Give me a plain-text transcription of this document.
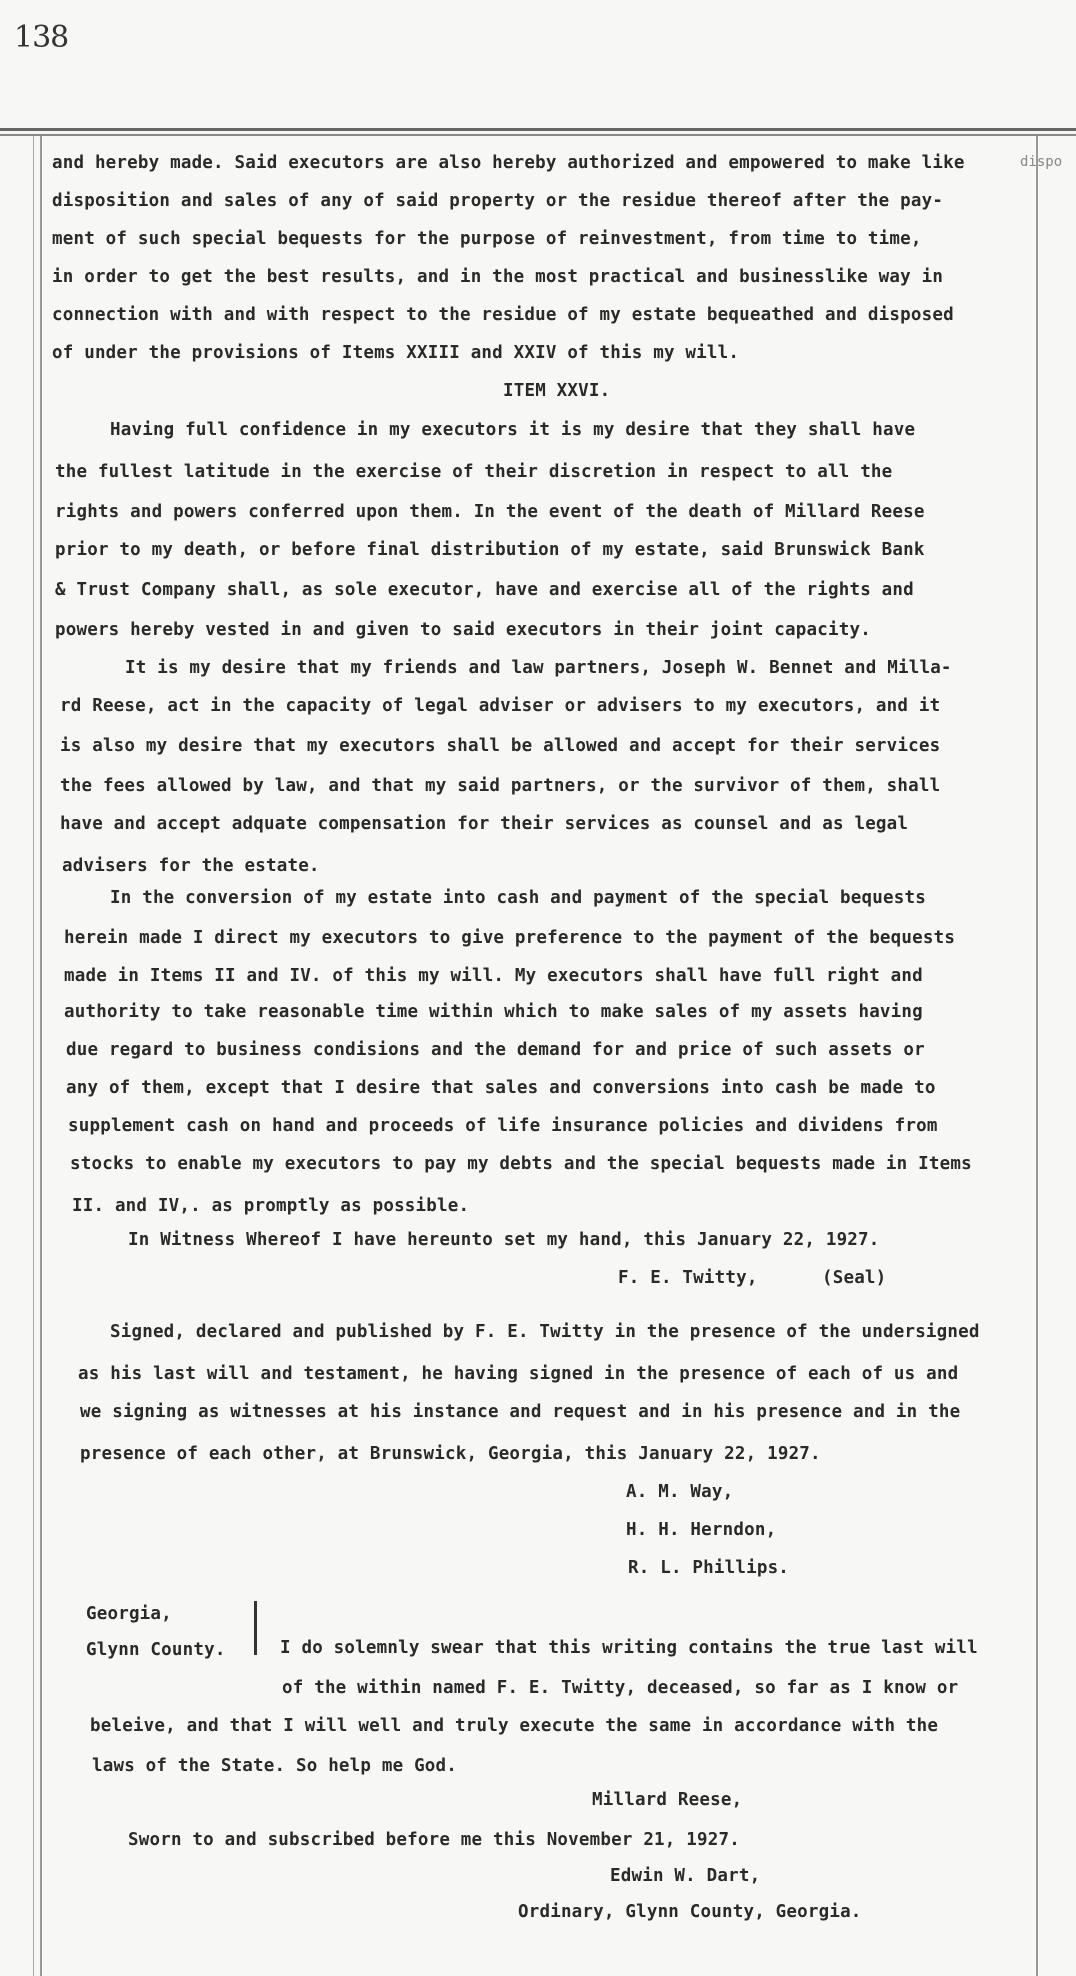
138
dispo
and hereby made. Said executors are also hereby authorized and empowered to make like
disposition and sales of any of said property or the residue thereof after the pay-
ment of such special bequests for the purpose of reinvestment, from time to time,
in order to get the best results, and in the most practical and businesslike way in
connection with and with respect to the residue of my estate bequeathed and disposed
of under the provisions of Items XXIII and XXIV of this my will.
ITEM XXVI.
Having full confidence in my executors it is my desire that they shall have
the fullest latitude in the exercise of their discretion in respect to all the
rights and powers conferred upon them. In the event of the death of Millard Reese
prior to my death, or before final distribution of my estate, said Brunswick Bank
& Trust Company shall, as sole executor, have and exercise all of the rights and
powers hereby vested in and given to said executors in their joint capacity.
It is my desire that my friends and law partners, Joseph W. Bennet and Milla-
rd Reese, act in the capacity of legal adviser or advisers to my executors, and it
is also my desire that my executors shall be allowed and accept for their services
the fees allowed by law, and that my said partners, or the survivor of them, shall
have and accept adquate compensation for their services as counsel and as legal
advisers for the estate.
In the conversion of my estate into cash and payment of the special bequests
herein made I direct my executors to give preference to the payment of the bequests
made in Items II and IV. of this my will. My executors shall have full right and
authority to take reasonable time within which to make sales of my assets having
due regard to business condisions and the demand for and price of such assets or
any of them, except that I desire that sales and conversions into cash be made to
supplement cash on hand and proceeds of life insurance policies and dividens from
stocks to enable my executors to pay my debts and the special bequests made in Items
II. and IV,. as promptly as possible.
In Witness Whereof I have hereunto set my hand, this January 22, 1927.
F. E. Twitty,      (Seal)
Signed, declared and published by F. E. Twitty in the presence of the undersigned
as his last will and testament, he having signed in the presence of each of us and
we signing as witnesses at his instance and request and in his presence and in the
presence of each other, at Brunswick, Georgia, this January 22, 1927.
A. M. Way,
H. H. Herndon,
R. L. Phillips.
Georgia,
Glynn County.	I do solemnly swear that this writing contains the true last will
of the within named F. E. Twitty, deceased, so far as I know or
beleive, and that I will well and truly execute the same in accordance with the
laws of the State. So help me God.
Millard Reese,
Sworn to and subscribed before me this November 21, 1927.
Edwin W. Dart,
Ordinary, Glynn County, Georgia.
